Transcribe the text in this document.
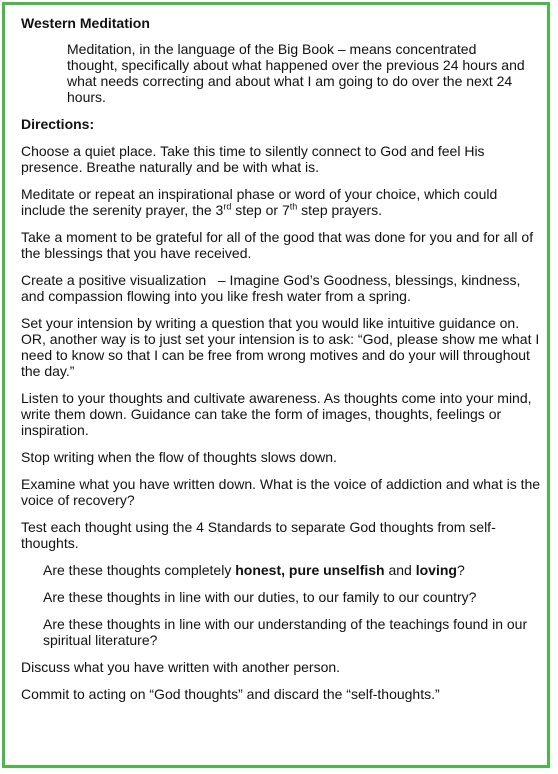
Western Meditation

Meditation, in the language of the Big Book – means concentrated thought, specifically about what happened over the previous 24 hours and what needs correcting and about what I am going to do over the next 24 hours.

Directions:

Choose a quiet place. Take this time to silently connect to God and feel His presence. Breathe naturally and be with what is.

Meditate or repeat an inspirational phase or word of your choice, which could include the serenity prayer, the 3rd step or 7th step prayers.

Take a moment to be grateful for all of the good that was done for you and for all of the blessings that you have received.

Create a positive visualization   – Imagine God’s Goodness, blessings, kindness, and compassion flowing into you like fresh water from a spring.

Set your intension by writing a question that you would like intuitive guidance on. OR, another way is to just set your intension is to ask: “God, please show me what I need to know so that I can be free from wrong motives and do your will throughout the day.”

Listen to your thoughts and cultivate awareness. As thoughts come into your mind, write them down. Guidance can take the form of images, thoughts, feelings or inspiration.

Stop writing when the flow of thoughts slows down.

Examine what you have written down. What is the voice of addiction and what is the voice of recovery?

Test each thought using the 4 Standards to separate God thoughts from self-thoughts.

Are these thoughts completely honest, pure unselfish and loving?

Are these thoughts in line with our duties, to our family to our country?

Are these thoughts in line with our understanding of the teachings found in our spiritual literature?

Discuss what you have written with another person.

Commit to acting on “God thoughts” and discard the “self-thoughts.”
